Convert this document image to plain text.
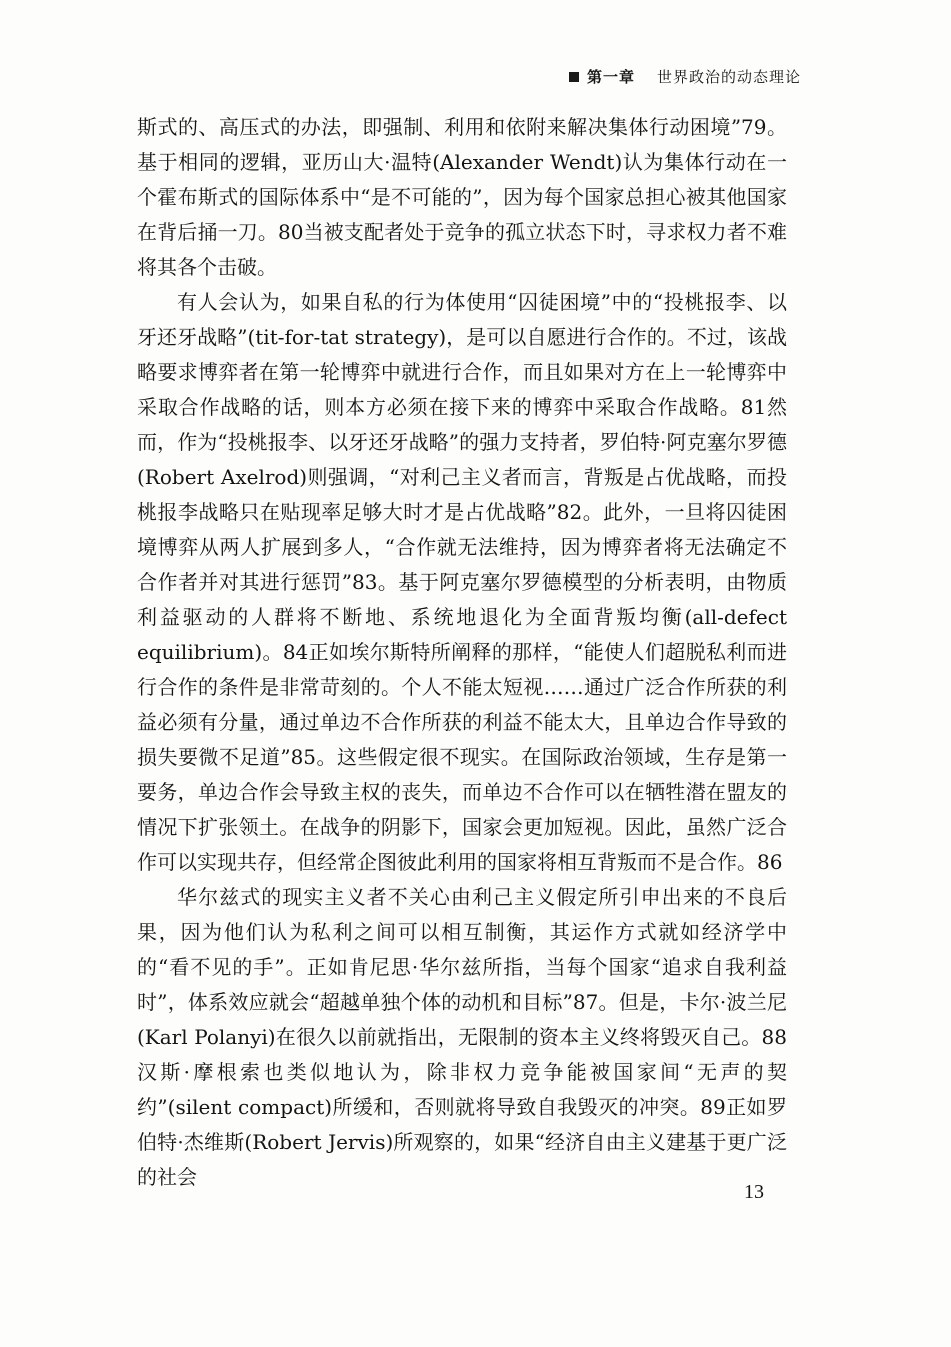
第一章 世界政治的动态理论

斯式的、高压式的办法，即强制、利用和依附来解决集体行动困境”79。基于相同的逻辑，亚历山大·温特(Alexander Wendt)认为集体行动在一个霍布斯式的国际体系中“是不可能的”，因为每个国家总担心被其他国家在背后捅一刀。80当被支配者处于竞争的孤立状态下时，寻求权力者不难将其各个击破。

有人会认为，如果自私的行为体使用“囚徒困境”中的“投桃报李、以牙还牙战略”(tit-for-tat strategy)，是可以自愿进行合作的。不过，该战略要求博弈者在第一轮博弈中就进行合作，而且如果对方在上一轮博弈中采取合作战略的话，则本方必须在接下来的博弈中采取合作战略。81然而，作为“投桃报李、以牙还牙战略”的强力支持者，罗伯特·阿克塞尔罗德(Robert Axelrod)则强调，“对利己主义者而言，背叛是占优战略，而投桃报李战略只在贴现率足够大时才是占优战略”82。此外，一旦将囚徒困境博弈从两人扩展到多人，“合作就无法维持，因为博弈者将无法确定不合作者并对其进行惩罚”83。基于阿克塞尔罗德模型的分析表明，由物质利益驱动的人群将不断地、系统地退化为全面背叛均衡(all-defect equilibrium)。84正如埃尔斯特所阐释的那样，“能使人们超脱私利而进行合作的条件是非常苛刻的。个人不能太短视……通过广泛合作所获的利益必须有分量，通过单边不合作所获的利益不能太大，且单边合作导致的损失要微不足道”85。这些假定很不现实。在国际政治领域，生存是第一要务，单边合作会导致主权的丧失，而单边不合作可以在牺牲潜在盟友的情况下扩张领土。在战争的阴影下，国家会更加短视。因此，虽然广泛合作可以实现共存，但经常企图彼此利用的国家将相互背叛而不是合作。86

华尔兹式的现实主义者不关心由利己主义假定所引申出来的不良后果，因为他们认为私利之间可以相互制衡，其运作方式就如经济学中的“看不见的手”。正如肯尼思·华尔兹所指，当每个国家“追求自我利益时”，体系效应就会“超越单独个体的动机和目标”87。但是，卡尔·波兰尼(Karl Polanyi)在很久以前就指出，无限制的资本主义终将毁灭自己。88汉斯·摩根索也类似地认为，除非权力竞争能被国家间“无声的契约”(silent compact)所缓和，否则就将导致自我毁灭的冲突。89正如罗伯特·杰维斯(Robert Jervis)所观察的，如果“经济自由主义建基于更广泛的社会

13
